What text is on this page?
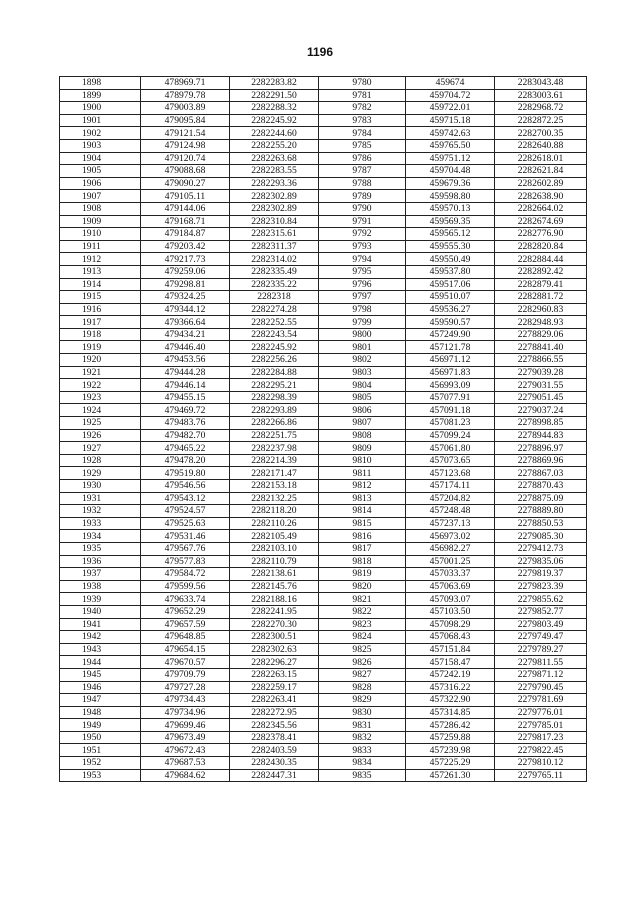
1196
1898	478969.71	2282283.82	9780	459674	2283043.48
1899	478979.78	2282291.50	9781	459704.72	2283003.61
1900	479003.89	2282288.32	9782	459722.01	2282968.72
1901	479095.84	2282245.92	9783	459715.18	2282872.25
1902	479121.54	2282244.60	9784	459742.63	2282700.35
1903	479124.98	2282255.20	9785	459765.50	2282640.88
1904	479120.74	2282263.68	9786	459751.12	2282618.01
1905	479088.68	2282283.55	9787	459704.48	2282621.84
1906	479090.27	2282293.36	9788	459679.36	2282602.89
1907	479105.11	2282302.89	9789	459598.80	2282638.90
1908	479144.06	2282302.89	9790	459570.13	2282664.02
1909	479168.71	2282310.84	9791	459569.35	2282674.69
1910	479184.87	2282315.61	9792	459565.12	2282776.90
1911	479203.42	2282311.37	9793	459555.30	2282820.84
1912	479217.73	2282314.02	9794	459550.49	2282884.44
1913	479259.06	2282335.49	9795	459537.80	2282892.42
1914	479298.81	2282335.22	9796	459517.06	2282879.41
1915	479324.25	2282318	9797	459510.07	2282881.72
1916	479344.12	2282274.28	9798	459536.27	2282960.83
1917	479366.64	2282252.55	9799	459590.57	2282948.93
1918	479434.21	2282243.54	9800	457249.90	2278829.06
1919	479446.40	2282245.92	9801	457121.78	2278841.40
1920	479453.56	2282256.26	9802	456971.12	2278866.55
1921	479444.28	2282284.88	9803	456971.83	2279039.28
1922	479446.14	2282295.21	9804	456993.09	2279031.55
1923	479455.15	2282298.39	9805	457077.91	2279051.45
1924	479469.72	2282293.89	9806	457091.18	2279037.24
1925	479483.76	2282266.86	9807	457081.23	2278998.85
1926	479482.70	2282251.75	9808	457099.24	2278944.83
1927	479465.22	2282237.98	9809	457061.80	2278896.97
1928	479478.20	2282214.39	9810	457073.65	2278869.96
1929	479519.80	2282171.47	9811	457123.68	2278867.03
1930	479546.56	2282153.18	9812	457174.11	2278870.43
1931	479543.12	2282132.25	9813	457204.82	2278875.09
1932	479524.57	2282118.20	9814	457248.48	2278889.80
1933	479525.63	2282110.26	9815	457237.13	2278850.53
1934	479531.46	2282105.49	9816	456973.02	2279085.30
1935	479567.76	2282103.10	9817	456982.27	2279412.73
1936	479577.83	2282110.79	9818	457001.25	2279835.06
1937	479584.72	2282138.61	9819	457033.37	2279819.37
1938	479599.56	2282145.76	9820	457063.69	2279823.39
1939	479633.74	2282188.16	9821	457093.07	2279855.62
1940	479652.29	2282241.95	9822	457103.50	2279852.77
1941	479657.59	2282270.30	9823	457098.29	2279803.49
1942	479648.85	2282300.51	9824	457068.43	2279749.47
1943	479654.15	2282302.63	9825	457151.84	2279789.27
1944	479670.57	2282296.27	9826	457158.47	2279811.55
1945	479709.79	2282263.15	9827	457242.19	2279871.12
1946	479727.28	2282259.17	9828	457316.22	2279790.45
1947	479734.43	2282263.41	9829	457322.90	2279781.69
1948	479734.96	2282272.95	9830	457314.85	2279776.01
1949	479699.46	2282345.56	9831	457286.42	2279785.01
1950	479673.49	2282378.41	9832	457259.88	2279817.23
1951	479672.43	2282403.59	9833	457239.98	2279822.45
1952	479687.53	2282430.35	9834	457225.29	2279810.12
1953	479684.62	2282447.31	9835	457261.30	2279765.11
